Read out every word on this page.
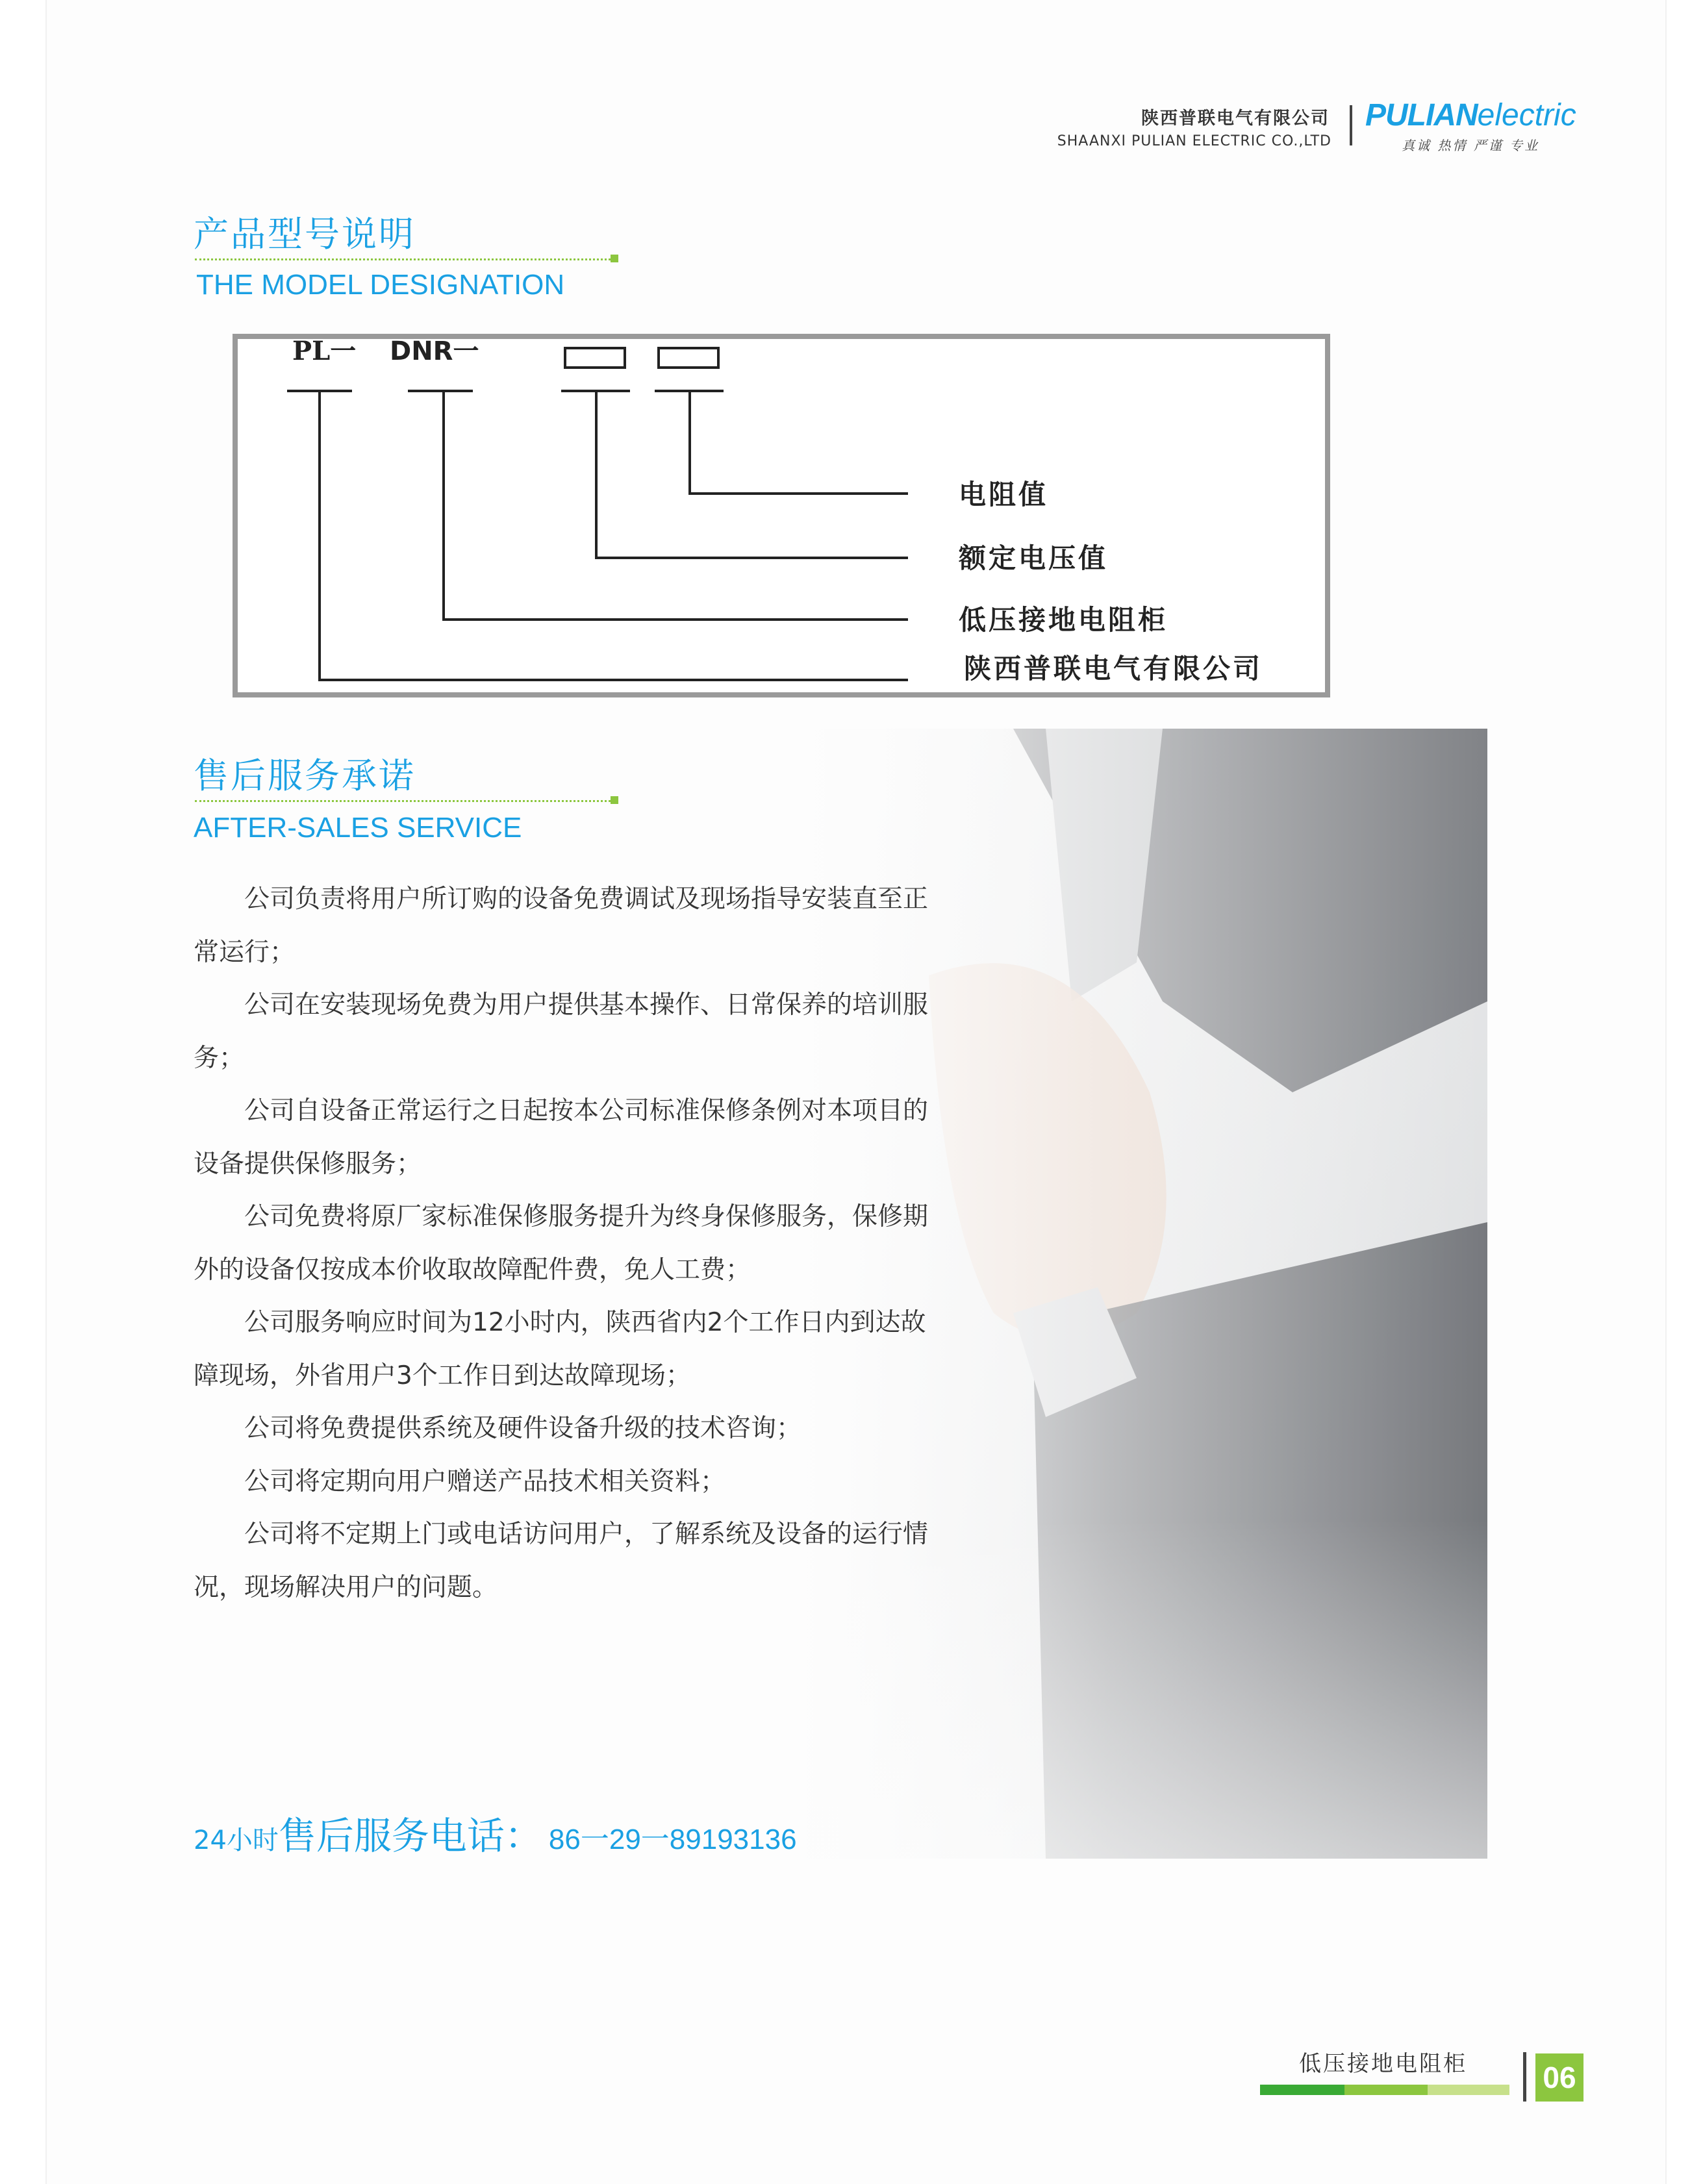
陕西普联电气有限公司
SHAANXI PULIAN ELECTRIC CO.,LTD
PULIANelectric
真诚 热情 严谨 专业
产品型号说明
THE MODEL DESIGNATION
PL一 DNR一
电阻值
额定电压值
低压接地电阻柜
陕西普联电气有限公司
售后服务承诺
AFTER-SALES SERVICE

公司负责将用户所订购的设备免费调试及现场指导安装直至正常运行；

公司在安装现场免费为用户提供基本操作、日常保养的培训服务；

公司自设备正常运行之日起按本公司标准保修条例对本项目的设备提供保修服务；

公司免费将原厂家标准保修服务提升为终身保修服务，保修期外的设备仅按成本价收取故障配件费，免人工费；

公司服务响应时间为12小时内，陕西省内2个工作日内到达故障现场，外省用户3个工作日到达故障现场；

公司将免费提供系统及硬件设备升级的技术咨询；

公司将定期向用户赠送产品技术相关资料；

公司将不定期上门或电话访问用户，了解系统及设备的运行情况，现场解决用户的问题。

24小时售后服务电话： 86一29一89193136
低压接地电阻柜	06
